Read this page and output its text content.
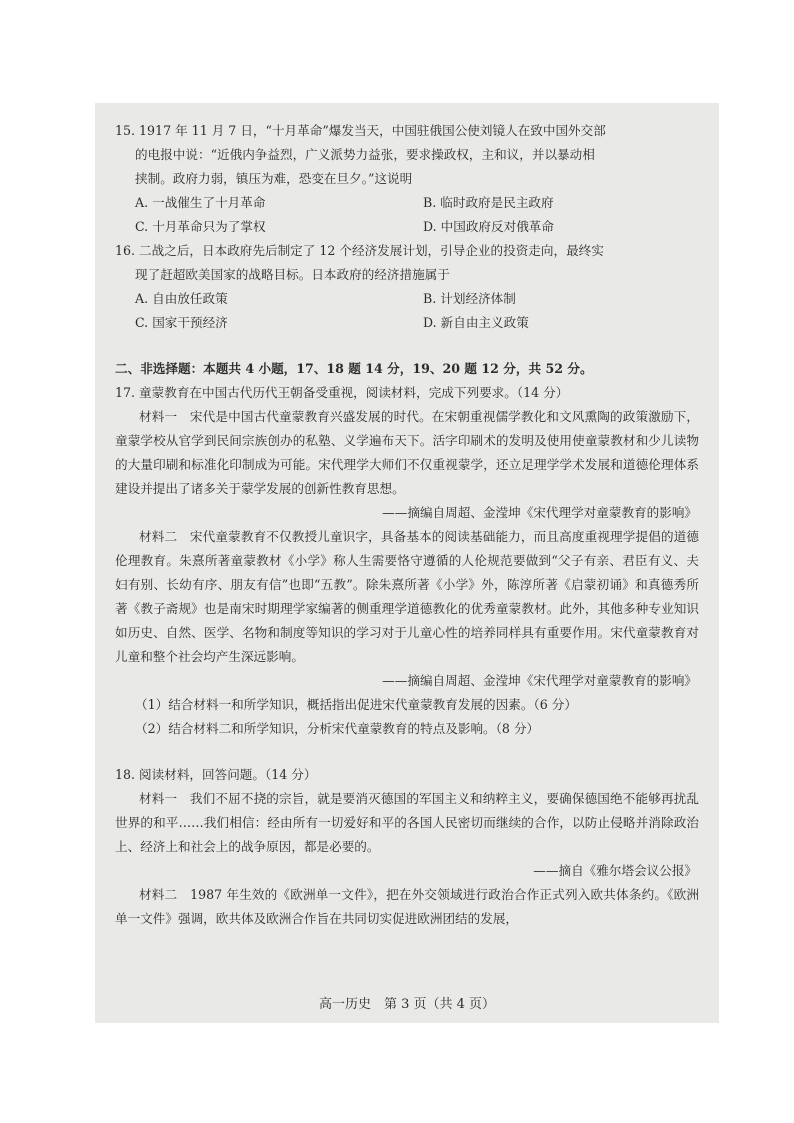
15. 1917 年 11 月 7 日，“十月革命”爆发当天，中国驻俄国公使刘镜人在致中国外交部
的电报中说：“近俄内争益烈，广义派势力益张，要求操政权，主和议，并以暴动相
挟制。政府力弱，镇压为难，恐变在旦夕。”这说明
A. 一战催生了十月革命	B. 临时政府是民主政府
C. 十月革命只为了掌权	D. 中国政府反对俄革命
16. 二战之后，日本政府先后制定了 12 个经济发展计划，引导企业的投资走向，最终实
现了赶超欧美国家的战略目标。日本政府的经济措施属于
A. 自由放任政策	B. 计划经济体制
C. 国家干预经济	D. 新自由主义政策
二、非选择题：本题共 4 小题，17、18 题 14 分，19、20 题 12 分，共 52 分。
17. 童蒙教育在中国古代历代王朝备受重视，阅读材料，完成下列要求。（14 分）
材料一　宋代是中国古代童蒙教育兴盛发展的时代。在宋朝重视儒学教化和文风熏陶的政策激励下，童蒙学校从官学到民间宗族创办的私塾、义学遍布天下。活字印刷术的发明及使用使童蒙教材和少儿读物的大量印刷和标准化印制成为可能。宋代理学大师们不仅重视蒙学，还立足理学学术发展和道德伦理体系建设并提出了诸多关于蒙学发展的创新性教育思想。
——摘编自周超、金滢坤《宋代理学对童蒙教育的影响》
材料二　宋代童蒙教育不仅教授儿童识字，具备基本的阅读基础能力，而且高度重视理学提倡的道德伦理教育。朱熹所著童蒙教材《小学》称人生需要恪守遵循的人伦规范要做到“父子有亲、君臣有义、夫妇有别、长幼有序、朋友有信”也即“五教”。除朱熹所著《小学》外，陈淳所著《启蒙初诵》和真德秀所著《教子斋规》也是南宋时期理学家编著的侧重理学道德教化的优秀童蒙教材。此外，其他多种专业知识如历史、自然、医学、名物和制度等知识的学习对于儿童心性的培养同样具有重要作用。宋代童蒙教育对儿童和整个社会均产生深远影响。
——摘编自周超、金滢坤《宋代理学对童蒙教育的影响》
（1）结合材料一和所学知识，概括指出促进宋代童蒙教育发展的因素。（6 分）
（2）结合材料二和所学知识，分析宋代童蒙教育的特点及影响。（8 分）
18. 阅读材料，回答问题。（14 分）
材料一　我们不屈不挠的宗旨，就是要消灭德国的军国主义和纳粹主义，要确保德国绝不能够再扰乱世界的和平……我们相信：经由所有一切爱好和平的各国人民密切而继续的合作，以防止侵略并消除政治上、经济上和社会上的战争原因，都是必要的。
——摘自《雅尔塔会议公报》
材料二　1987 年生效的《欧洲单一文件》，把在外交领域进行政治合作正式列入欧共体条约。《欧洲单一文件》强调，欧共体及欧洲合作旨在共同切实促进欧洲团结的发展，
高一历史　第 3 页（共 4 页）
